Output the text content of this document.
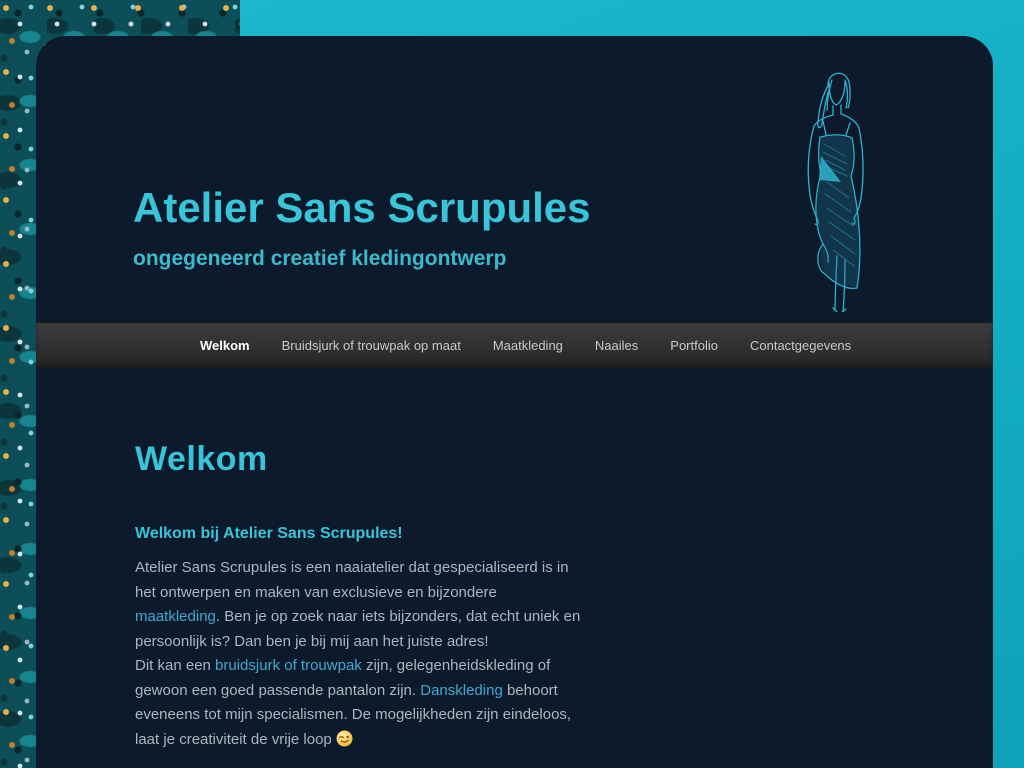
Atelier Sans Scrupules
ongegeneerd creatief kledingontwerp
Welkom	Bruidsjurk of trouwpak op maat	Maatkleding	Naailes	Portfolio	Contactgegevens
Welkom
Welkom bij Atelier Sans Scrupules!

Atelier Sans Scrupules is een naaiatelier dat gespecialiseerd is in het ontwerpen en maken van exclusieve en bijzondere maatkleding. Ben je op zoek naar iets bijzonders, dat echt uniek en persoonlijk is? Dan ben je bij mij aan het juiste adres!

Dit kan een bruidsjurk of trouwpak zijn, gelegenheidskleding of gewoon een goed passende pantalon zijn. Danskleding behoort eveneens tot mijn specialismen. De mogelijkheden zijn eindeloos, laat je creativiteit de vrije loop
